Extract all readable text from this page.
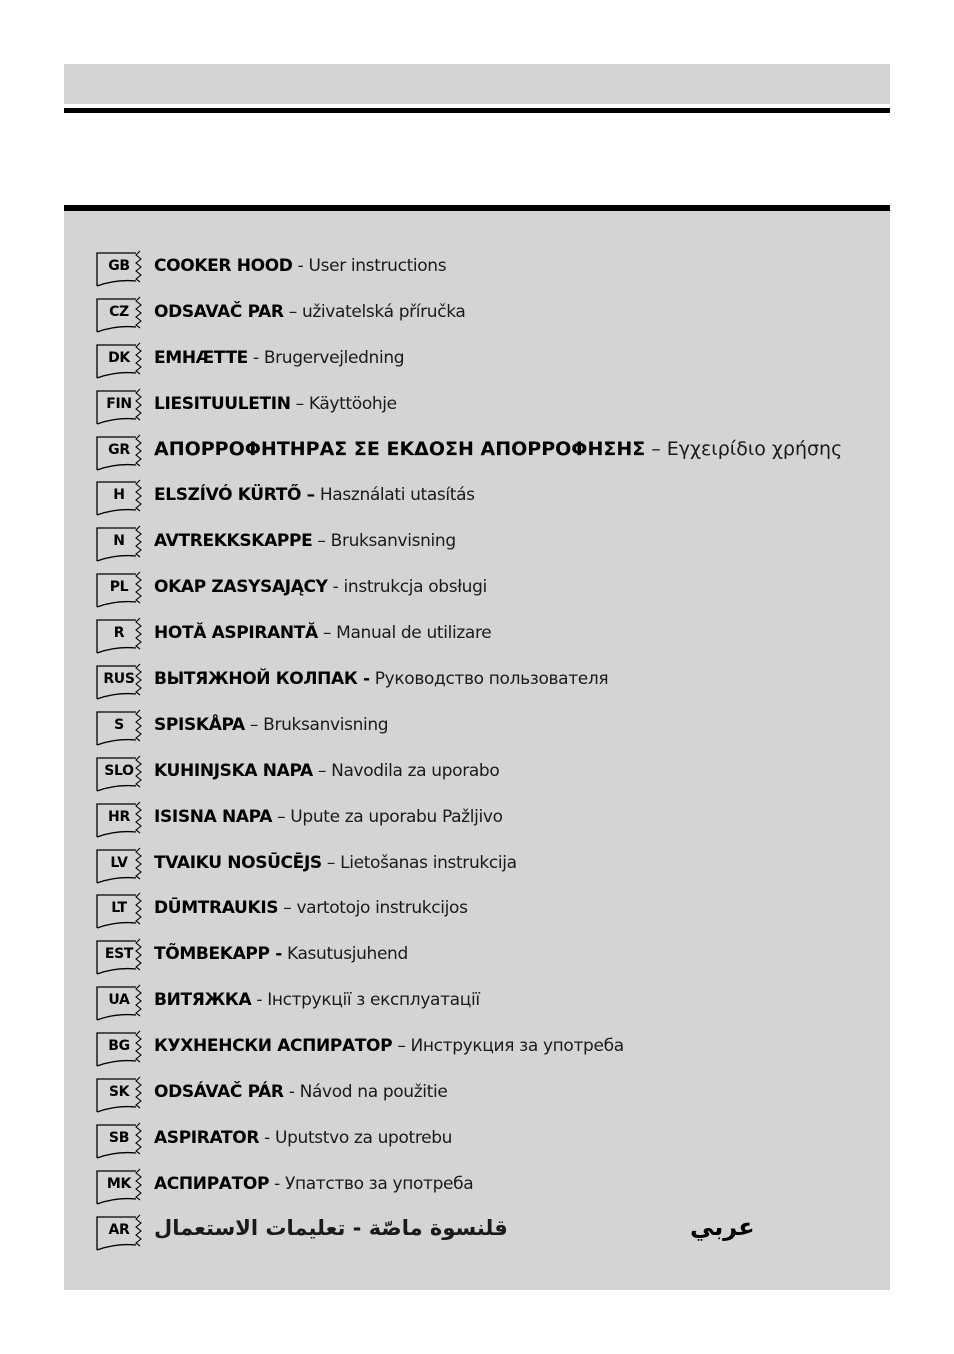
GB	COOKER HOOD - User instructions
CZ	ODSAVAČ PAR – uživatelská příručka
DK	EMHÆTTE - Brugervejledning
FIN	LIESITUULETIN – Käyttöohje
GR	ΑΠΟΡΡΟΦΗΤΗΡΑΣ ΣΕ ΕΚΔΟΣΗ ΑΠΟΡΡΟΦΗΣΗΣ – Εγχειρίδιο χρήσης
H	ELSZÍVÓ KÜRTŐ – Használati utasítás
N	AVTREKKSKAPPE – Bruksanvisning
PL	OKAP ZASYSAJĄCY - instrukcja obsługi
R	HOTĂ ASPIRANTĂ – Manual de utilizare
RUS	ВЫТЯЖНОЙ КОЛПАК - Руководство пользователя
S	SPISKÅPA – Bruksanvisning
SLO	KUHINJSKA NAPA – Navodila za uporabo
HR	ISISNA NAPA – Upute za uporabu Pažljivo
LV	TVAIKU NOSŪCĒJS – Lietošanas instrukcija
LT	DŪMTRAUKIS – vartotojo instrukcijos
EST	TÕMBEKAPP - Kasutusjuhend
UA	ВИТЯЖКА - Інструкції з експлуатації
BG	КУХНЕНСКИ АСПИРАТОР – Инструкция за употреба
SK	ODSÁVAČ PÁR - Návod na použitie
SB	ASPIRATOR - Uputstvo za upotrebu
MK	АСПИРАТОР - Упатство за употреба
AR	قلنسوة ماصّة - تعليمات الاستعمال	عربي
